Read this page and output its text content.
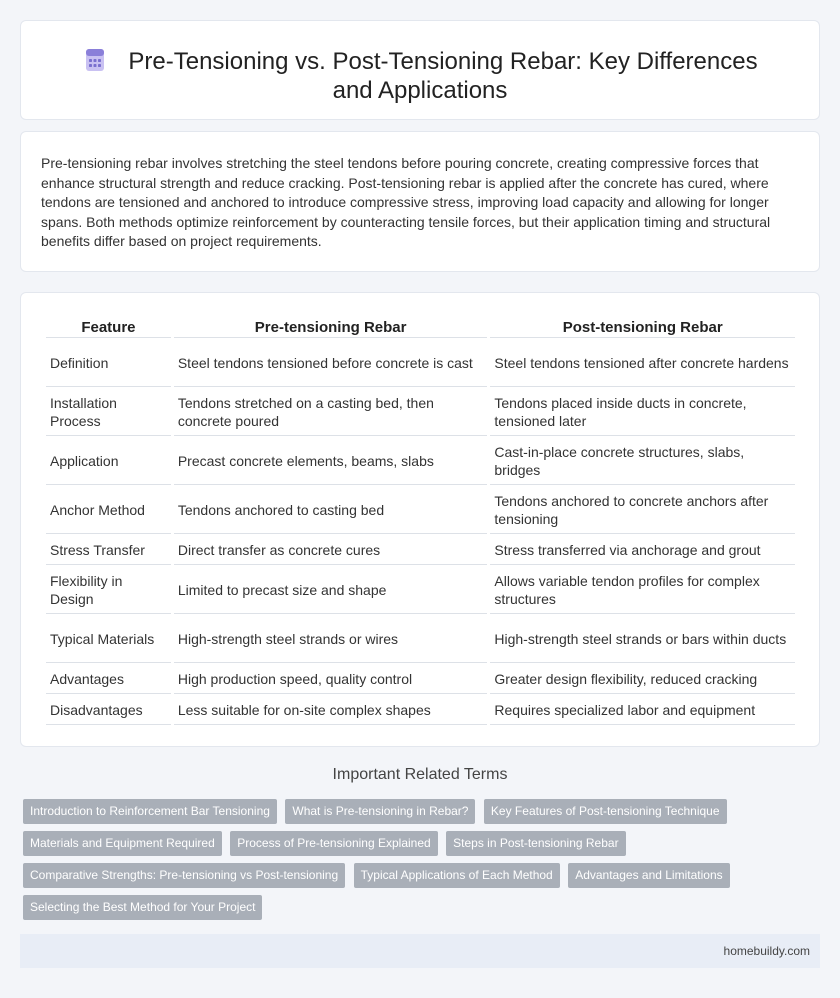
Pre-Tensioning vs. Post-Tensioning Rebar: Key Differences and Applications

Pre-tensioning rebar involves stretching the steel tendons before pouring concrete, creating compressive forces that enhance structural strength and reduce cracking. Post-tensioning rebar is applied after the concrete has cured, where tendons are tensioned and anchored to introduce compressive stress, improving load capacity and allowing for longer spans. Both methods optimize reinforcement by counteracting tensile forces, but their application timing and structural benefits differ based on project requirements.

Feature	Pre-tensioning Rebar	Post-tensioning Rebar
Definition	Steel tendons tensioned before concrete is cast	Steel tendons tensioned after concrete hardens
Installation Process	Tendons stretched on a casting bed, then concrete poured	Tendons placed inside ducts in concrete, tensioned later
Application	Precast concrete elements, beams, slabs	Cast-in-place concrete structures, slabs, bridges
Anchor Method	Tendons anchored to casting bed	Tendons anchored to concrete anchors after tensioning
Stress Transfer	Direct transfer as concrete cures	Stress transferred via anchorage and grout
Flexibility in Design	Limited to precast size and shape	Allows variable tendon profiles for complex structures
Typical Materials	High-strength steel strands or wires	High-strength steel strands or bars within ducts
Advantages	High production speed, quality control	Greater design flexibility, reduced cracking
Disadvantages	Less suitable for on-site complex shapes	Requires specialized labor and equipment
Important Related Terms
Introduction to Reinforcement Bar Tensioning What is Pre-tensioning in Rebar? Key Features of Post-tensioning Technique Materials and Equipment Required Process of Pre-tensioning Explained Steps in Post-tensioning Rebar Comparative Strengths: Pre-tensioning vs Post-tensioning Typical Applications of Each Method Advantages and Limitations Selecting the Best Method for Your Project
homebuildy.com
